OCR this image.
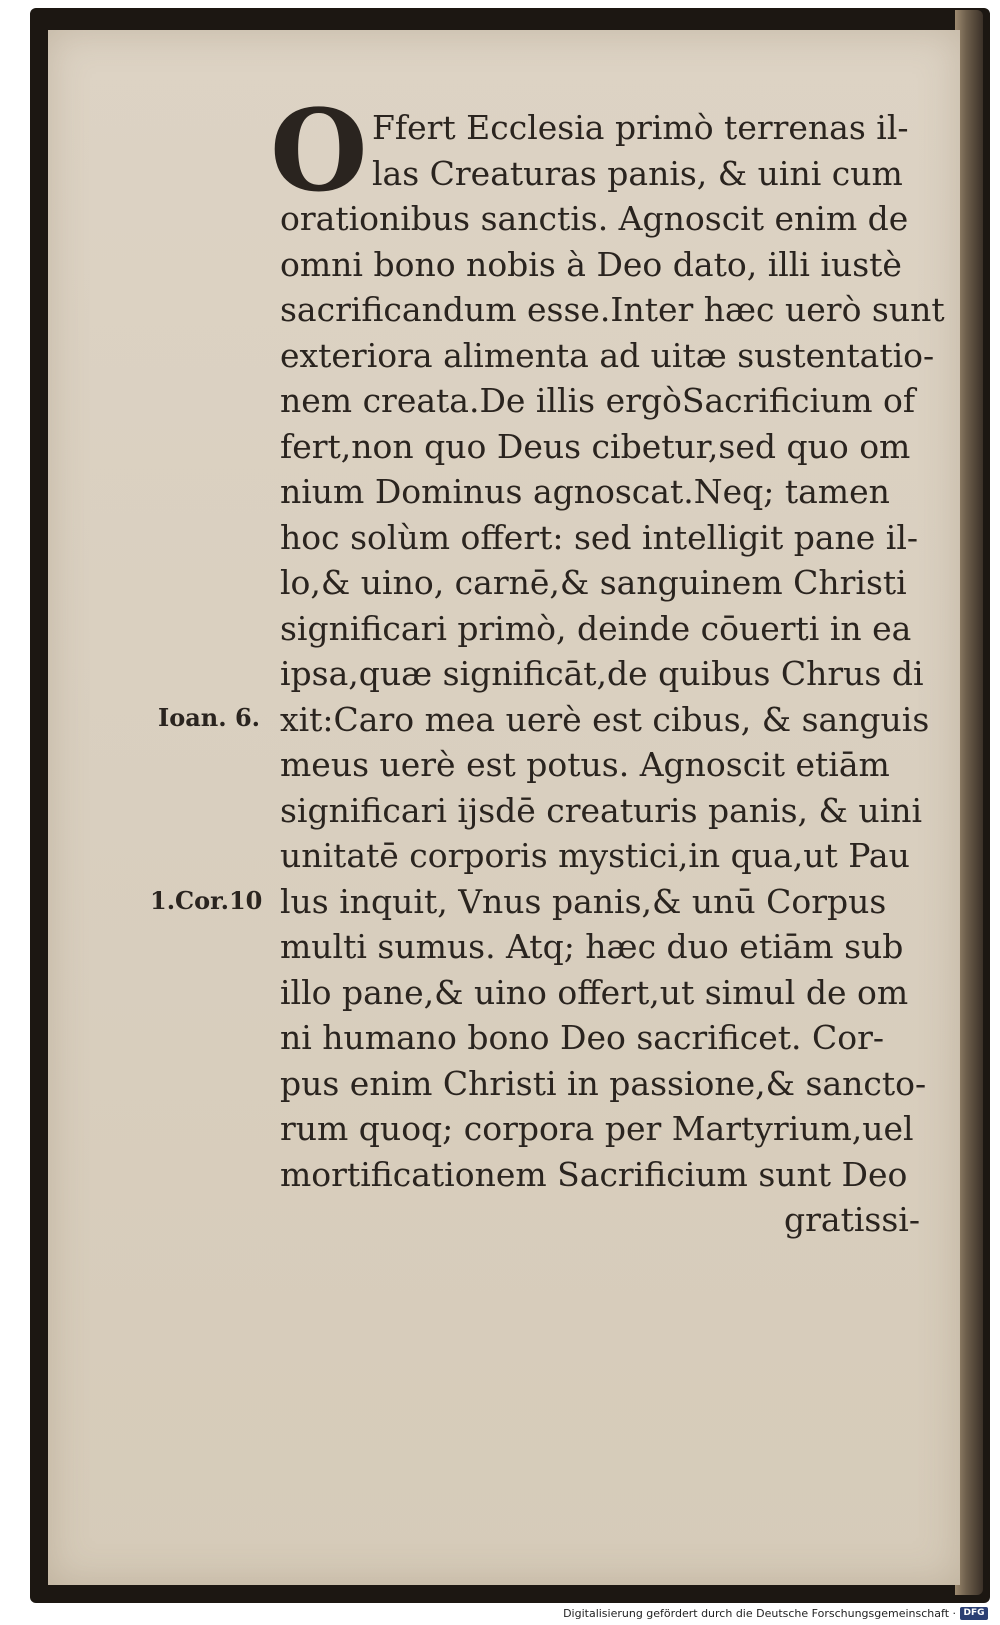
O Ffert Ecclesia primò terrenas il-
las Creaturas panis, & uini cum
orationibus sanctis. Agnoscit enim de
omni bono nobis à Deo dato, illi iustè
sacrificandum esse.Inter hæc uerò sunt
exteriora alimenta ad uitæ sustentatio-
nem creata.De illis ergòSacrificium of
fert,non quo Deus cibetur,sed quo om
nium Dominus agnoscat.Neq; tamen
hoc solùm offert: sed intelligit pane il-
lo,& uino, carnē,& sanguinem Christi
significari primò, deinde cōuerti in ea
ipsa,quæ significāt,de quibus Chrus di
xit:Caro mea uerè est cibus, & sanguis
meus uerè est potus. Agnoscit etiām
significari ijsdē creaturis panis, & uini
unitatē corporis mystici,in qua,ut Pau
lus inquit, Vnus panis,& unū Corpus
multi sumus. Atq; hæc duo etiām sub
illo pane,& uino offert,ut simul de om
ni humano bono Deo sacrificet. Cor-
pus enim Christi in passione,& sancto-
rum quoq; corpora per Martyrium,uel
mortificationem Sacrificium sunt Deo
gratissi-
Ioan. 6.
1.Cor.10
Digitalisierung gefördert durch die Deutsche Forschungsgemeinschaft · DFG
